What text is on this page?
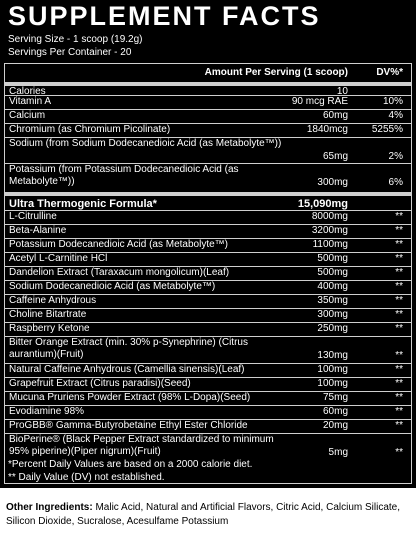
SUPPLEMENT FACTS
Serving Size - 1 scoop (19.2g)
Servings Per Container - 20
Amount Per Serving (1 scoop)	DV%*
Calories	10
Vitamin A	90 mcg RAE	10%
Calcium	60mg	4%
Chromium (as Chromium Picolinate)	1840mcg 5255%
Sodium (from Sodium Dodecanedioic Acid (as Metabolyte™))
65mg	2%
Potassium (from Potassium Dodecanedioic Acid (as Metabolyte™))	300mg	6%
Ultra Thermogenic Formula*	15,090mg
L-Citrulline	8000mg	**
Beta-Alanine	3200mg	**
Potassium Dodecanedioic Acid (as Metabolyte™)	1100mg	**
Acetyl L-Carnitine HCl	500mg	**
Dandelion Extract (Taraxacum mongolicum)(Leaf)	500mg	**
Sodium Dodecanedioic Acid (as Metabolyte™)	400mg	**
Caffeine Anhydrous	350mg	**
Choline Bitartrate	300mg	**
Raspberry Ketone	250mg	**
Bitter Orange Extract (min. 30% p-Synephrine) (Citrus aurantium)(Fruit)	130mg	**
Natural Caffeine Anhydrous (Camellia sinensis)(Leaf)	100mg	**
Grapefruit Extract (Citrus paradisi)(Seed)	100mg	**
Mucuna Pruriens Powder Extract (98% L-Dopa)(Seed)	75mg	**
Evodiamine 98%	60mg	**
ProGBB® Gamma-Butyrobetaine Ethyl Ester Chloride	20mg	**
BioPerine® (Black Pepper Extract standardized to minimum 95% piperine)(Piper nigrum)(Fruit)	5mg	**
*Percent Daily Values are based on a 2000 calorie diet.
** Daily Value (DV) not established.
Other Ingredients: Malic Acid, Natural and Artificial Flavors, Citric Acid, Calcium Silicate, Silicon Dioxide, Sucralose, Acesulfame Potassium
